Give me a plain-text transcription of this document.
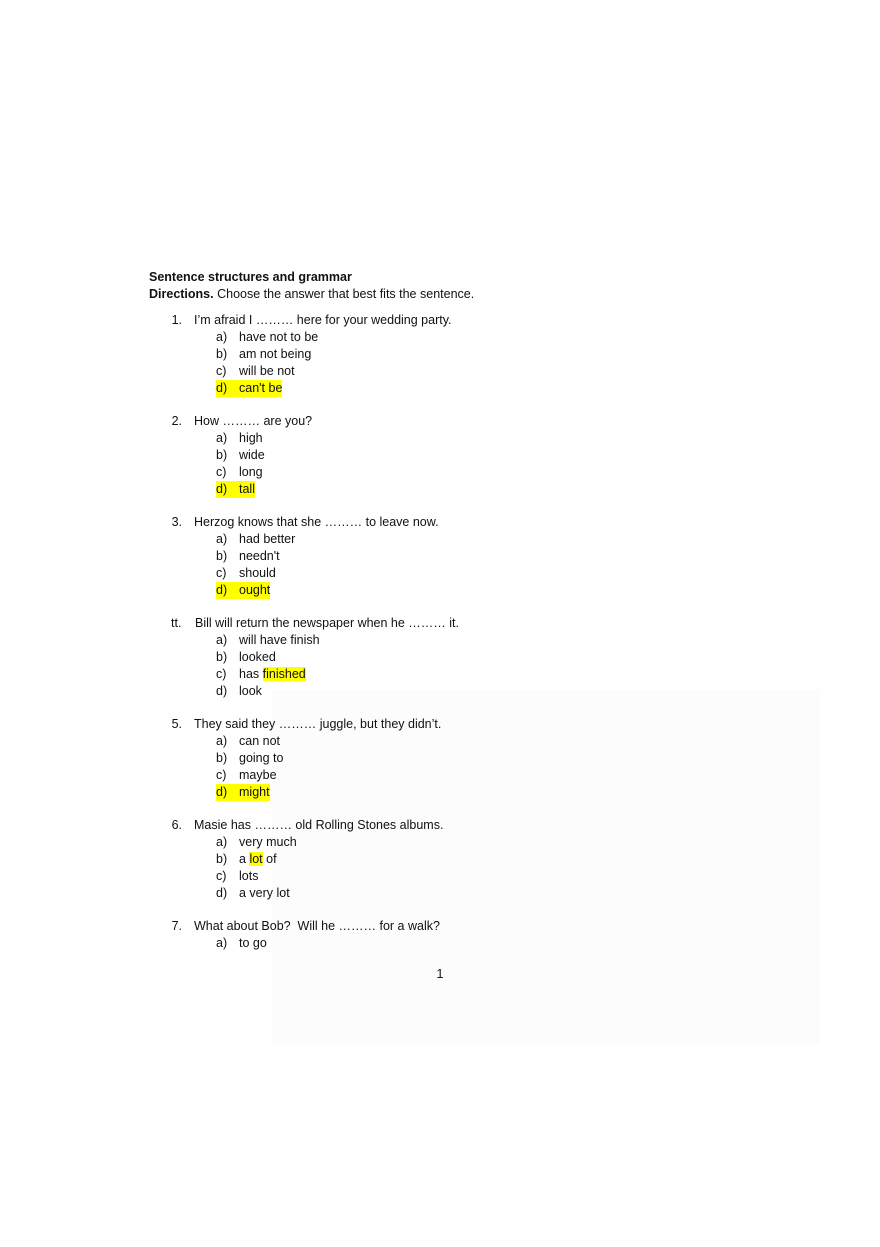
Sentence structures and grammar

Directions. Choose the answer that best fits the sentence.

1. I’m afraid I ……… here for your wedding party.
a) have not to be
b) am not being
c)	will be not
d) can't be
2. How ……… are you?
a) high
b) wide
c)	long
d) tall
3. Herzog knows that she ……… to leave now.
a) had better
b) needn't
c)	should
d) ought
tt.	Bill will return the newspaper when he ……… it.
a) will have finish
b) looked
c)	has finished
d) look
5. They said they ……… juggle, but they didn’t.
a) can not
b) going to
c)	maybe
d) might
6. Masie has ……… old Rolling Stones albums.
a) very much
b) a lot of
c)	lots
d) a very lot
7. What about Bob?  Will he ……… for a walk?
a) to go
1
